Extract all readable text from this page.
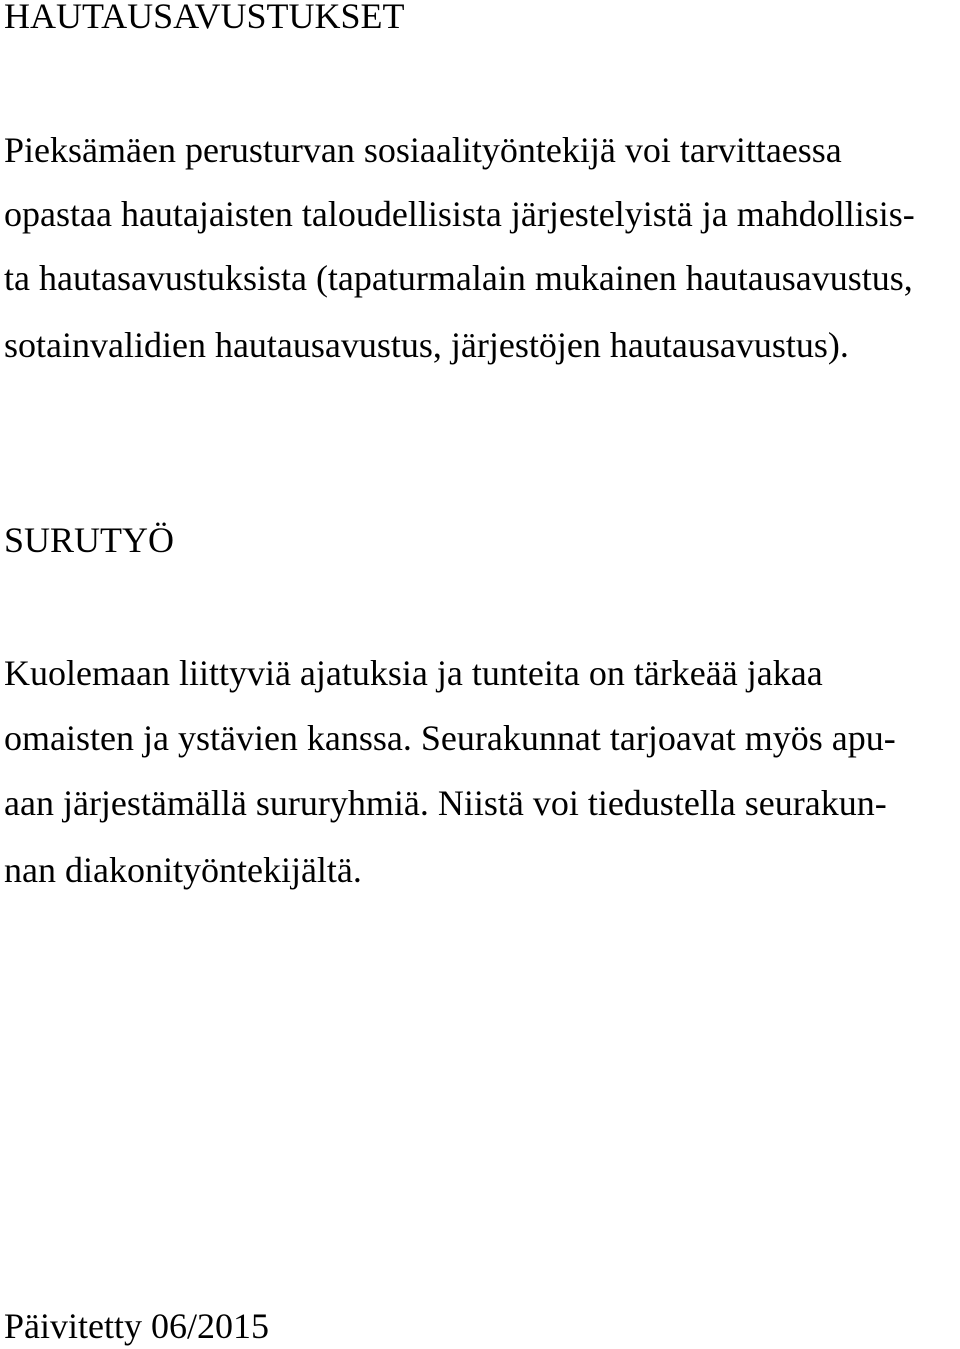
HAUTAUSAVUSTUKSET

Pieksämäen perusturvan sosiaalityöntekijä voi tarvittaessa

opastaa hautajaisten taloudellisista järjestelyistä ja mahdollisis-

ta hautasavustuksista (tapaturmalain mukainen hautausavustus,

sotainvalidien hautausavustus, järjestöjen hautausavustus).

SURUTYÖ

Kuolemaan liittyviä ajatuksia ja tunteita on tärkeää jakaa

omaisten ja ystävien kanssa. Seurakunnat tarjoavat myös apu-

aan järjestämällä sururyhmiä. Niistä voi tiedustella seurakun-

nan diakonityöntekijältä.

Päivitetty 06/2015
